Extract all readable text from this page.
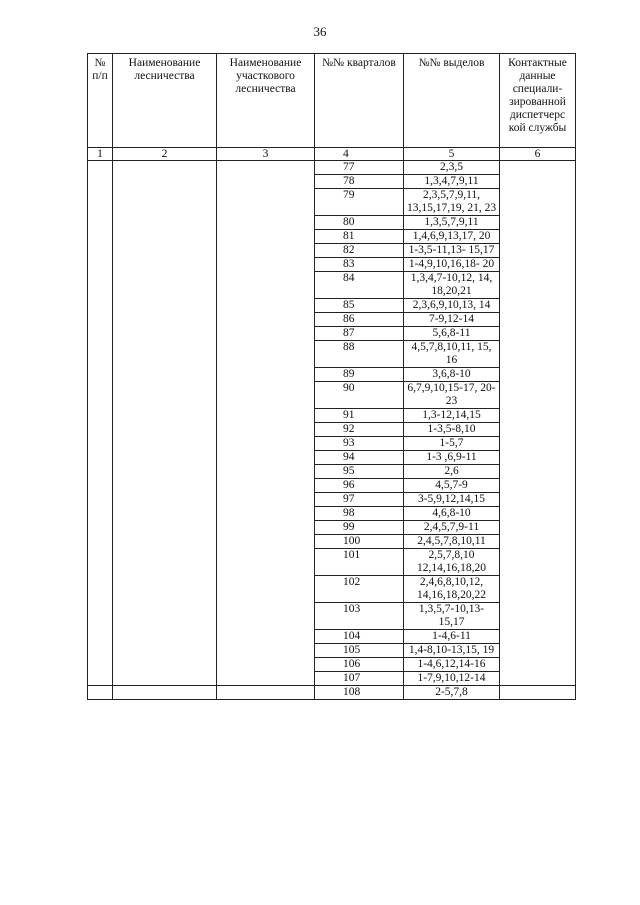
36
№ п/п	Наименование лесничества	Наименование участкового лесничества	№№ кварталов	№№ выделов	Контактные данные специали-зированной диспетчерс кой службы
1	2	3	4	5	6
			77	2,3,5	
			78	1,3,4,7,9,11	
			79	2,3,5,7,9,11, 13,15,17,19, 21, 23	
			80	1,3,5,7,9,11	
			81	1,4,6,9,13,17, 20	
			82	1-3,5-11,13- 15,17	
			83	1-4,9,10,16,18- 20	
			84	1,3,4,7-10,12, 14, 18,20,21	
			85	2,3,6,9,10,13, 14	
			86	7-9,12-14	
			87	5,6,8-11	
			88	4,5,7,8,10,11, 15, 16	
			89	3,6,8-10	
			90	6,7,9,10,15-17, 20-23	
			91	1,3-12,14,15	
			92	1-3,5-8,10	
			93	1-5,7	
			94	1-3 ,6,9-11	
			95	2,6	
			96	4,5,7-9	
			97	3-5,9,12,14,15	
			98	4,6,8-10	
			99	2,4,5,7,9-11	
			100	2,4,5,7,8,10,11	
			101	2,5,7,8,10 12,14,16,18,20	
			102	2,4,6,8,10,12, 14,16,18,20,22	
			103	1,3,5,7-10,13- 15,17	
			104	1-4,6-11	
			105	1,4-8,10-13,15, 19	
			106	1-4,6,12,14-16	
			107	1-7,9,10,12-14	
			108	2-5,7,8	
